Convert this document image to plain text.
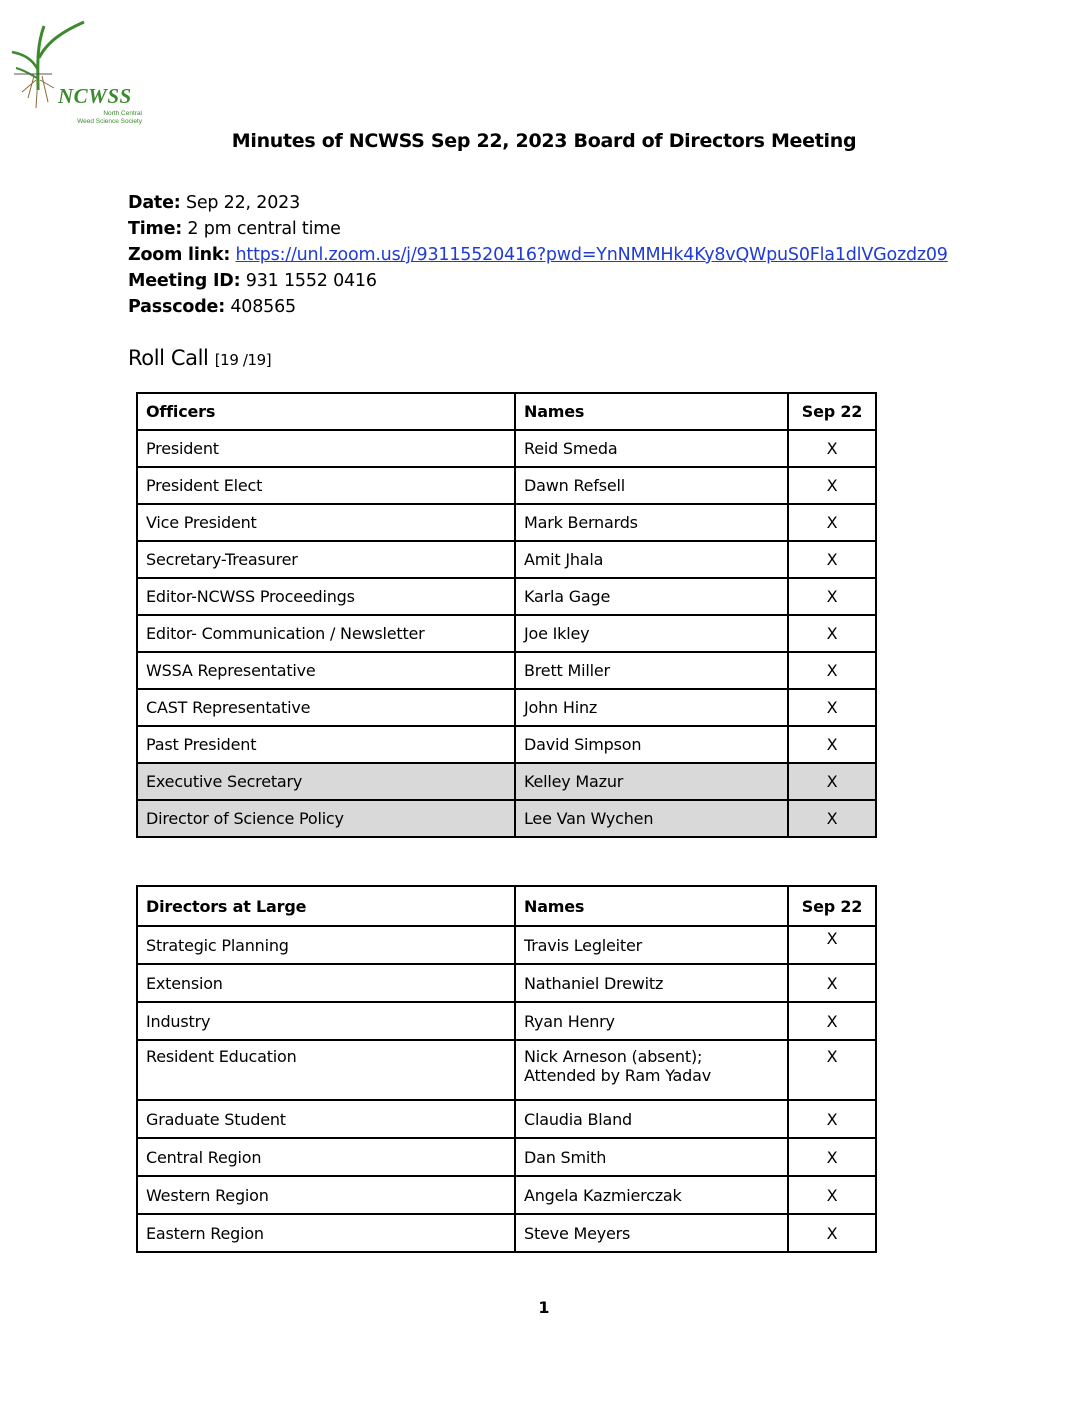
NCWSS
North Central
Weed Science Society
Minutes of NCWSS Sep 22, 2023 Board of Directors Meeting
Date: Sep 22, 2023
Time: 2 pm central time
Zoom link: https://unl.zoom.us/j/93115520416?pwd=YnNMMHk4Ky8vQWpuS0Fla1dlVGozdz09
Meeting ID: 931 1552 0416
Passcode: 408565
Roll Call [19 /19]
Officers	Names	Sep 22
President	Reid Smeda	X
President Elect	Dawn Refsell	X
Vice President	Mark Bernards	X
Secretary-Treasurer	Amit Jhala	X
Editor-NCWSS Proceedings	Karla Gage	X
Editor- Communication / Newsletter	Joe Ikley	X
WSSA Representative	Brett Miller	X
CAST Representative	John Hinz	X
Past President	David Simpson	X
Executive Secretary	Kelley Mazur	X
Director of Science Policy	Lee Van Wychen	X
Directors at Large	Names	Sep 22
Strategic Planning	Travis Legleiter	X
Extension	Nathaniel Drewitz	X
Industry	Ryan Henry	X
Resident Education	Nick Arneson (absent);
Attended by Ram Yadav	X
Graduate Student	Claudia Bland	X
Central Region	Dan Smith	X
Western Region	Angela Kazmierczak	X
Eastern Region	Steve Meyers	X
1
